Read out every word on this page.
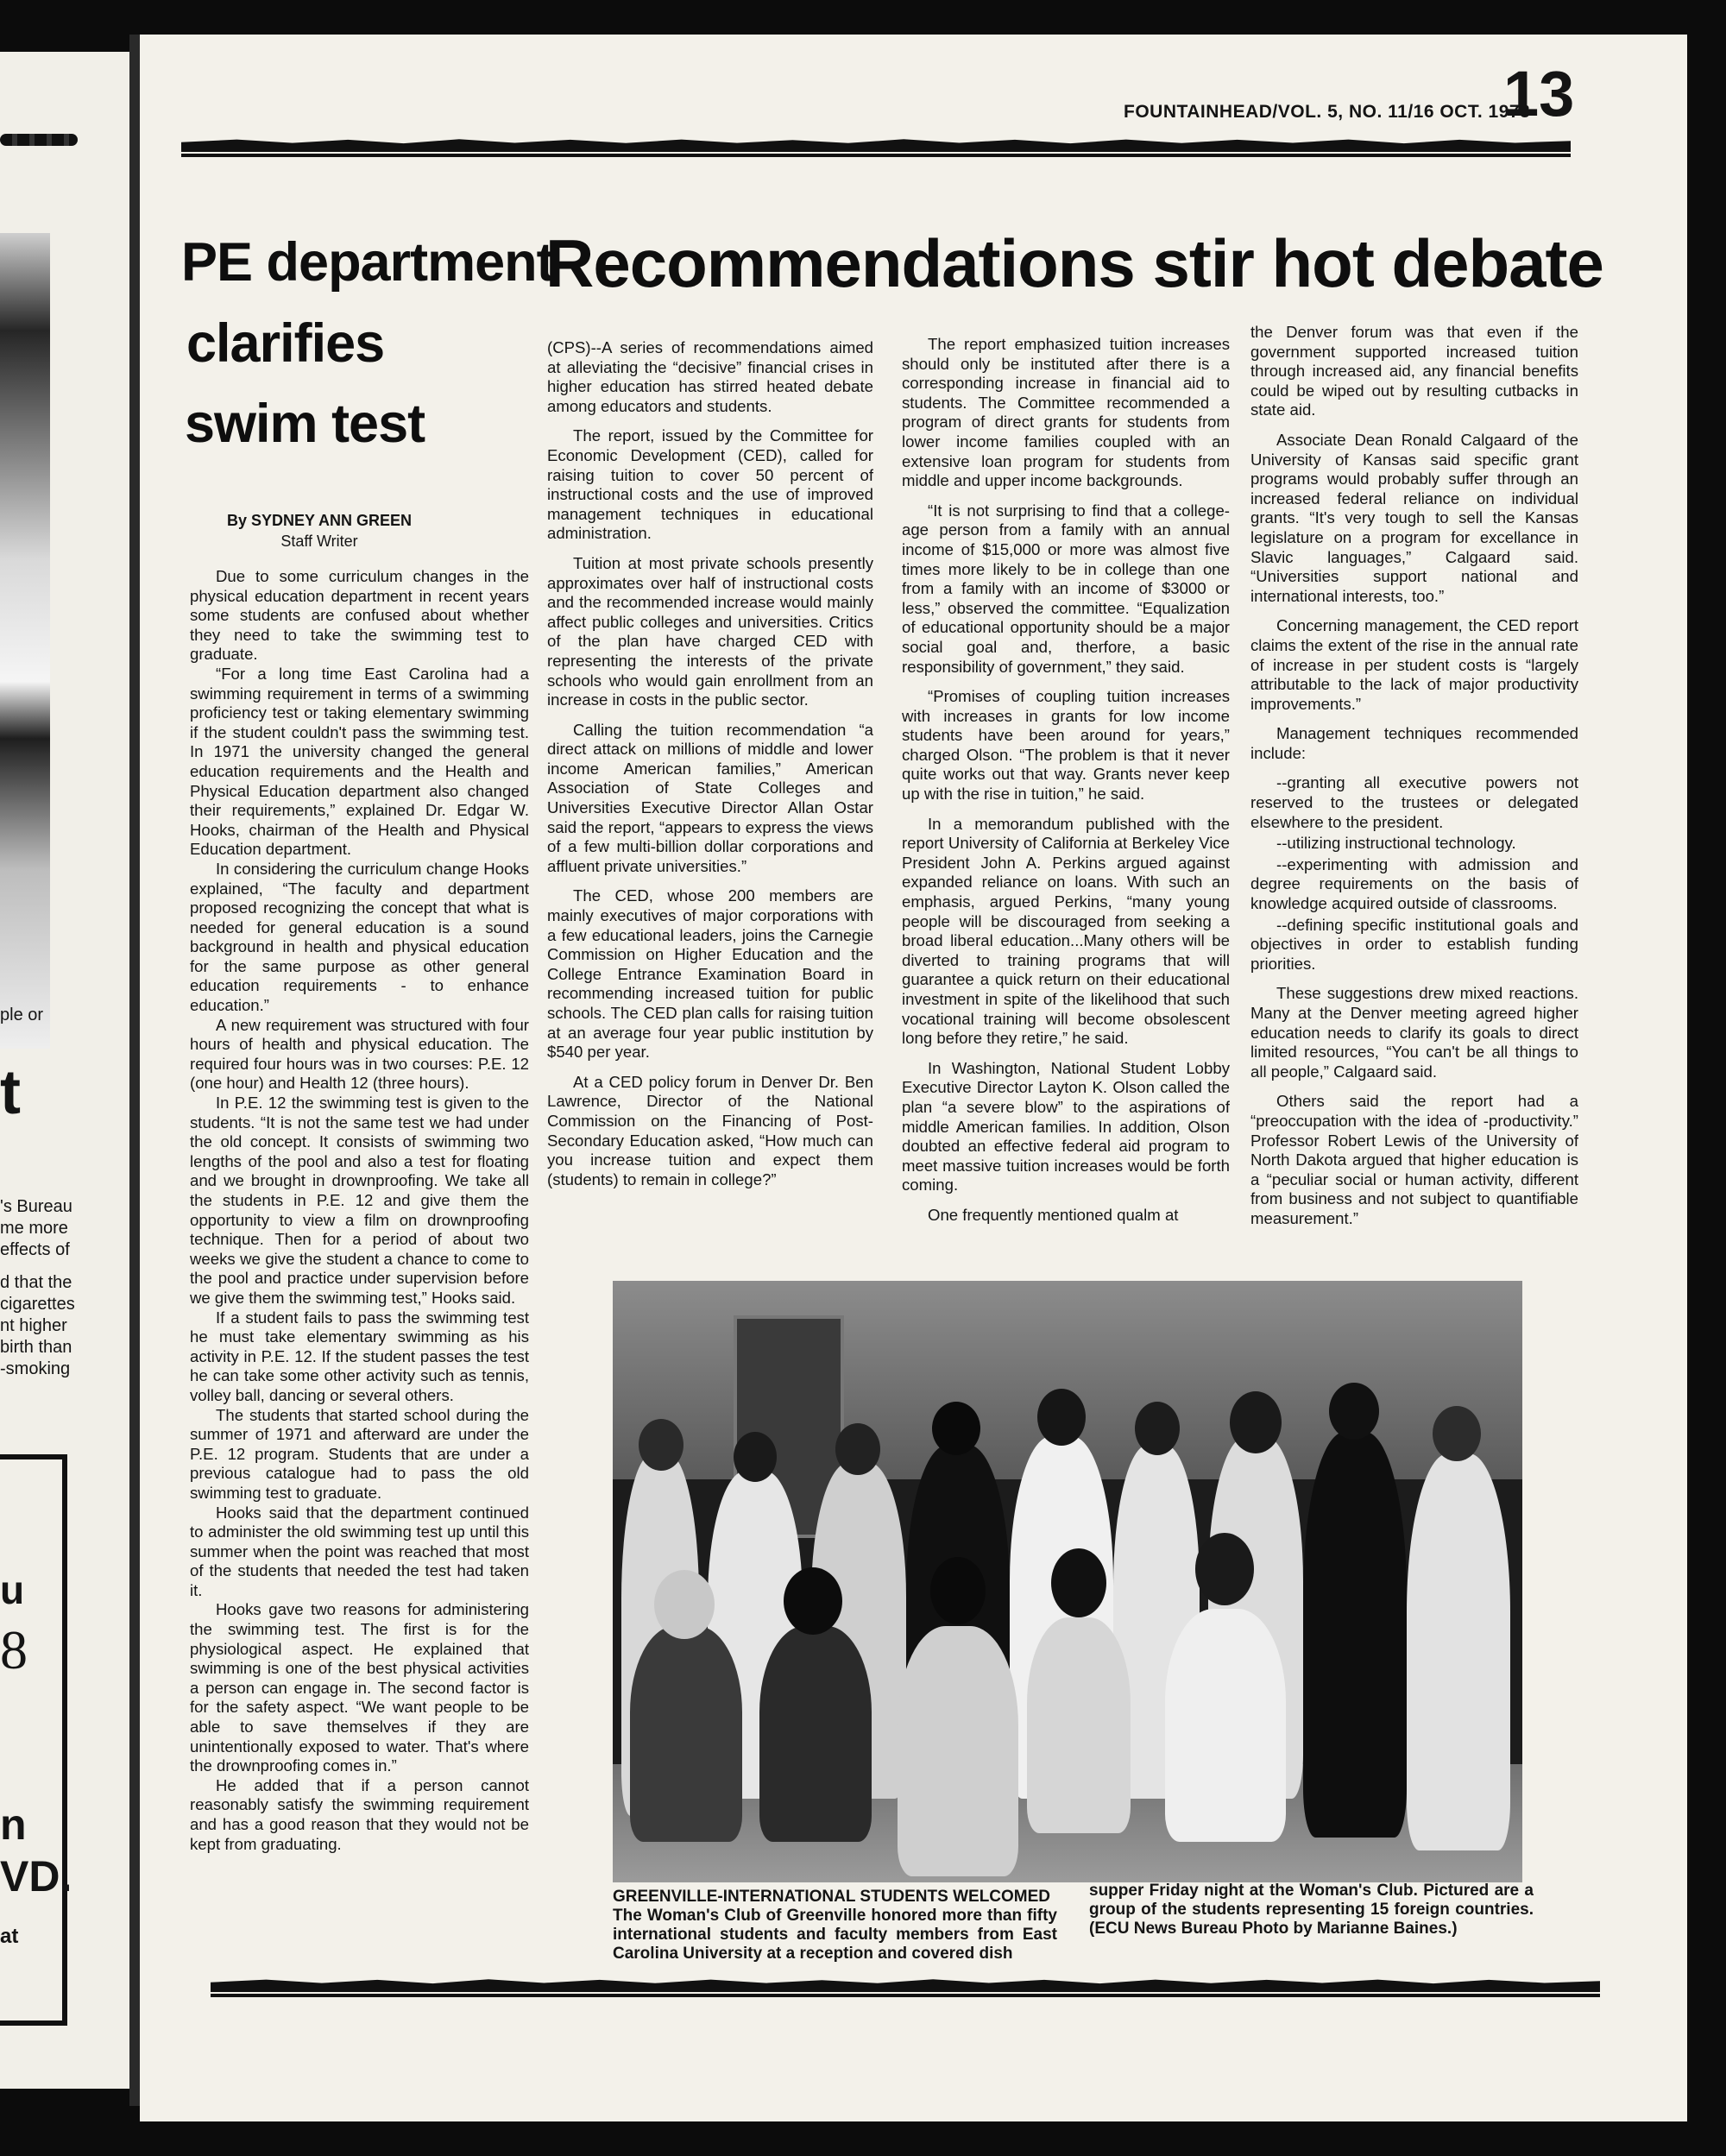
ple or
t
's Bureau
me more
effects of
d that the
cigarettes
nt higher
birth than
-smoking
u
8
n
VD.
at
FOUNTAINHEAD/VOL. 5, NO. 11/16 OCT. 1973
13
PE department
clarifies
swim test
Recommendations stir hot debate
By SYDNEY ANN GREEN
Staff Writer

Due to some curriculum changes in the physical education department in recent years some students are confused about whether they need to take the swimming test to graduate.

“For a long time East Carolina had a swimming requirement in terms of a swimming proficiency test or taking elementary swimming if the student couldn't pass the swimming test. In 1971 the university changed the general education requirements and the Health and Physical Education department also changed their requirements,” explained Dr. Edgar W. Hooks, chairman of the Health and Physical Education department.

In considering the curriculum change Hooks explained, “The faculty and department proposed recognizing the concept that what is needed for general education is a sound background in health and physical education for the same purpose as other general education requirements - to enhance education.”

A new requirement was structured with four hours of health and physical education. The required four hours was in two courses: P.E. 12 (one hour) and Health 12 (three hours).

In P.E. 12 the swimming test is given to the students. “It is not the same test we had under the old concept. It consists of swimming two lengths of the pool and also a test for floating and we brought in drownproofing. We take all the students in P.E. 12 and give them the opportunity to view a film on drownproofing technique. Then for a period of about two weeks we give the student a chance to come to the pool and practice under supervision before we give them the swimming test,” Hooks said.

If a student fails to pass the swimming test he must take elementary swimming as his activity in P.E. 12. If the student passes the test he can take some other activity such as tennis, volley ball, dancing or several others.

The students that started school during the summer of 1971 and afterward are under the P.E. 12 program. Students that are under a previous catalogue had to pass the old swimming test to graduate.

Hooks said that the department continued to administer the old swimming test up until this summer when the point was reached that most of the students that needed the test had taken it.

Hooks gave two reasons for administering the swimming test. The first is for the physiological aspect. He explained that swimming is one of the best physical activities a person can engage in. The second factor is for the safety aspect. “We want people to be able to save themselves if they are unintentionally exposed to water. That's where the drownproofing comes in.”

He added that if a person cannot reasonably satisfy the swimming requirement and has a good reason that they would not be kept from graduating.

(CPS)--A series of recommendations aimed at alleviating the “decisive” financial crises in higher education has stirred heated debate among educators and students.

The report, issued by the Committee for Economic Development (CED), called for raising tuition to cover 50 percent of instructional costs and the use of improved management techniques in educational administration.

Tuition at most private schools presently approximates over half of instructional costs and the recommended increase would mainly affect public colleges and universities. Critics of the plan have charged CED with representing the interests of the private schools who would gain enrollment from an increase in costs in the public sector.

Calling the tuition recommendation “a direct attack on millions of middle and lower income American families,” American Association of State Colleges and Universities Executive Director Allan Ostar said the report, “appears to express the views of a few multi-billion dollar corporations and affluent private universities.”

The CED, whose 200 members are mainly executives of major corporations with a few educational leaders, joins the Carnegie Commission on Higher Education and the College Entrance Examination Board in recommending increased tuition for public schools. The CED plan calls for raising tuition at an average four year public institution by $540 per year.

At a CED policy forum in Denver Dr. Ben Lawrence, Director of the National Commission on the Financing of Post-Secondary Education asked, “How much can you increase tuition and expect them (students) to remain in college?”

The report emphasized tuition increases should only be instituted after there is a corresponding increase in financial aid to students. The Committee recommended a program of direct grants for students from lower income families coupled with an extensive loan program for students from middle and upper income backgrounds.

“It is not surprising to find that a college-age person from a family with an annual income of $15,000 or more was almost five times more likely to be in college than one from a family with an income of $3000 or less,” observed the committee. “Equalization of educational opportunity should be a major social goal and, therfore, a basic responsibility of government,” they said.

“Promises of coupling tuition increases with increases in grants for low income students have been around for years,” charged Olson. “The problem is that it never quite works out that way. Grants never keep up with the rise in tuition,” he said.

In a memorandum published with the report University of California at Berkeley Vice President John A. Perkins argued against expanded reliance on loans. With such an emphasis, argued Perkins, “many young people will be discouraged from seeking a broad liberal education...Many others will be diverted to training programs that will guarantee a quick return on their educational investment in spite of the likelihood that such vocational training will become obsolescent long before they retire,” he said.

In Washington, National Student Lobby Executive Director Layton K. Olson called the plan “a severe blow” to the aspirations of middle American families. In addition, Olson doubted an effective federal aid program to meet massive tuition increases would be forth coming.

One frequently mentioned qualm at

the Denver forum was that even if the government supported increased tuition through increased aid, any financial benefits could be wiped out by resulting cutbacks in state aid.

Associate Dean Ronald Calgaard of the University of Kansas said specific grant programs would probably suffer through an increased federal reliance on individual grants. “It's very tough to sell the Kansas legislature on a program for excellance in Slavic languages,” Calgaard said. “Universities support national and international interests, too.”

Concerning management, the CED report claims the extent of the rise in the annual rate of increase in per student costs is “largely attributable to the lack of major productivity improvements.”

Management techniques recommended include:

--granting all executive powers not reserved to the trustees or delegated elsewhere to the president.

--utilizing instructional technology.

--experimenting with admission and degree requirements on the basis of knowledge acquired outside of classrooms.

--defining specific institutional goals and objectives in order to establish funding priorities.

These suggestions drew mixed reactions. Many at the Denver meeting agreed higher education needs to clarify its goals to direct limited resources, “You can't be all things to all people,” Calgaard said.

Others said the report had a “preoccupation with the idea of -productivity.” Professor Robert Lewis of the University of North Dakota argued that higher education is a “peculiar social or human activity, different from business and not subject to quantifiable measurement.”

GREENVILLE-INTERNATIONAL STUDENTS WELCOMED
The Woman's Club of Greenville honored more than fifty international students and faculty members from East Carolina University at a reception and covered dish
supper Friday night at the Woman's Club. Pictured are a group of the students representing 15 foreign countries. (ECU News Bureau Photo by Marianne Baines.)
